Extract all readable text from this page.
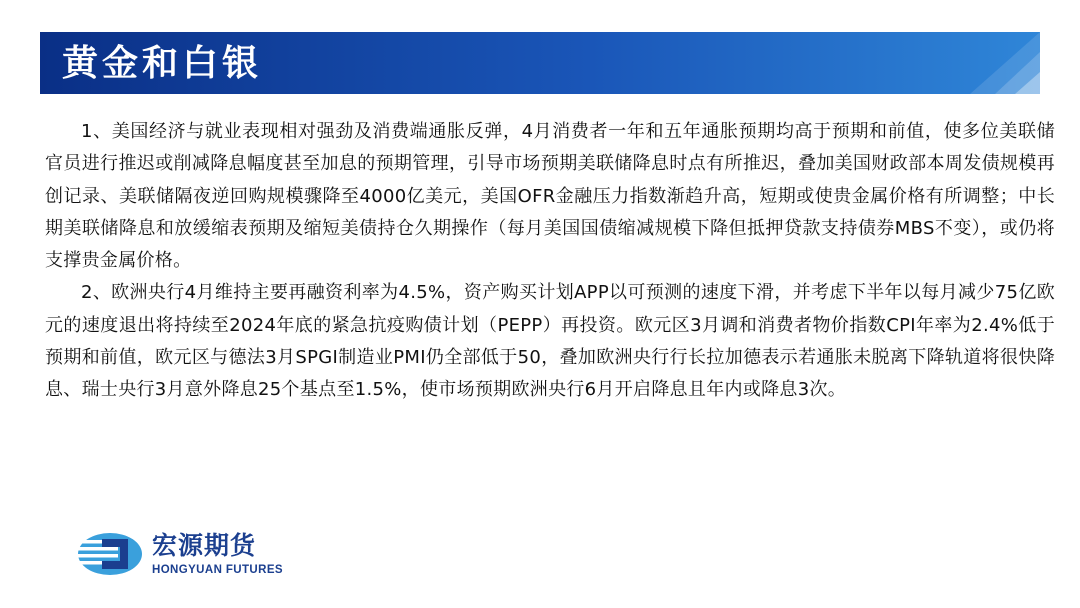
黄金和白银

1、美国经济与就业表现相对强劲及消费端通胀反弹，4月消费者一年和五年通胀预期均高于预期和前值，使多位美联储官员进行推迟或削减降息幅度甚至加息的预期管理，引导市场预期美联储降息时点有所推迟，叠加美国财政部本周发债规模再创记录、美联储隔夜逆回购规模骤降至4000亿美元，美国OFR金融压力指数渐趋升高，短期或使贵金属价格有所调整；中长期美联储降息和放缓缩表预期及缩短美债持仓久期操作（每月美国国债缩减规模下降但抵押贷款支持债券MBS不变），或仍将支撑贵金属价格。

2、欧洲央行4月维持主要再融资利率为4.5%，资产购买计划APP以可预测的速度下滑，并考虑下半年以每月减少75亿欧元的速度退出将持续至2024年底的紧急抗疫购债计划（PEPP）再投资。欧元区3月调和消费者物价指数CPI年率为2.4%低于预期和前值，欧元区与德法3月SPGI制造业PMI仍全部低于50，叠加欧洲央行行长拉加德表示若通胀未脱离下降轨道将很快降息、瑞士央行3月意外降息25个基点至1.5%，使市场预期欧洲央行6月开启降息且年内或降息3次。

宏源期货
HONGYUAN FUTURES
